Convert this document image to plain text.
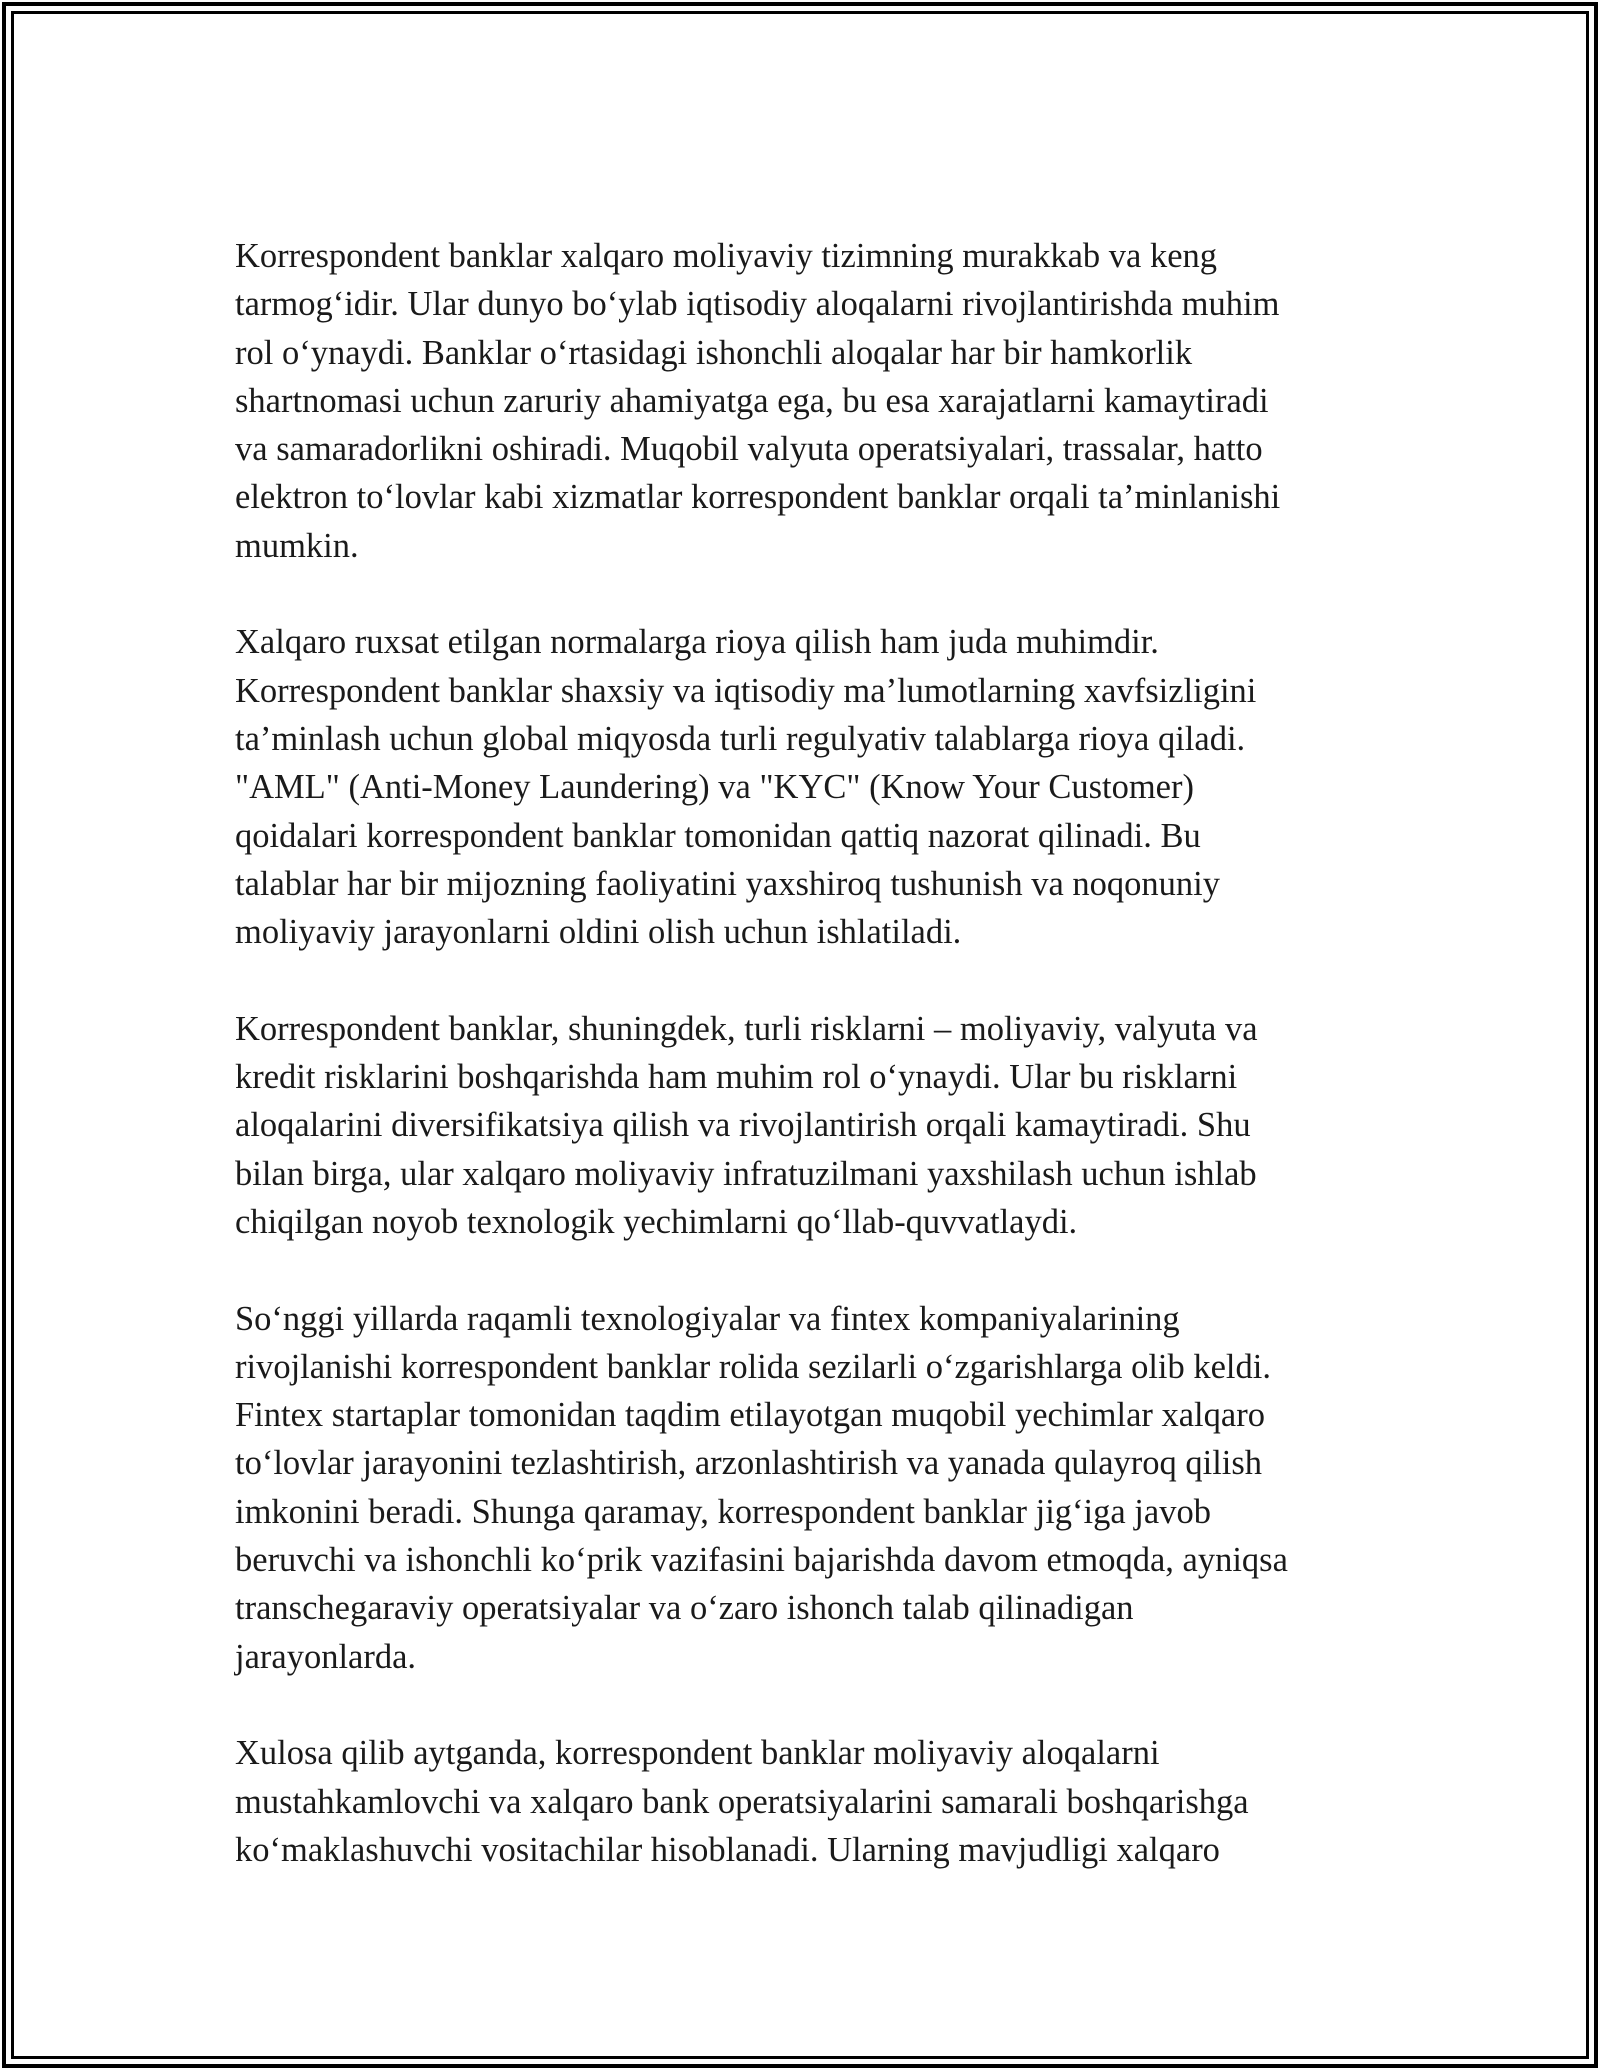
Korrespondent banklar xalqaro moliyaviy tizimning murakkab va keng
tarmog‘idir. Ular dunyo bo‘ylab iqtisodiy aloqalarni rivojlantirishda muhim
rol o‘ynaydi. Banklar o‘rtasidagi ishonchli aloqalar har bir hamkorlik
shartnomasi uchun zaruriy ahamiyatga ega, bu esa xarajatlarni kamaytiradi
va samaradorlikni oshiradi. Muqobil valyuta operatsiyalari, trassalar, hatto
elektron to‘lovlar kabi xizmatlar korrespondent banklar orqali ta’minlanishi
mumkin.

Xalqaro ruxsat etilgan normalarga rioya qilish ham juda muhimdir.
Korrespondent banklar shaxsiy va iqtisodiy ma’lumotlarning xavfsizligini
ta’minlash uchun global miqyosda turli regulyativ talablarga rioya qiladi.
"AML" (Anti-Money Laundering) va "KYC" (Know Your Customer)
qoidalari korrespondent banklar tomonidan qattiq nazorat qilinadi. Bu
talablar har bir mijozning faoliyatini yaxshiroq tushunish va noqonuniy
moliyaviy jarayonlarni oldini olish uchun ishlatiladi.

Korrespondent banklar, shuningdek, turli risklarni – moliyaviy, valyuta va
kredit risklarini boshqarishda ham muhim rol o‘ynaydi. Ular bu risklarni
aloqalarini diversifikatsiya qilish va rivojlantirish orqali kamaytiradi. Shu
bilan birga, ular xalqaro moliyaviy infratuzilmani yaxshilash uchun ishlab
chiqilgan noyob texnologik yechimlarni qo‘llab-quvvatlaydi.

So‘nggi yillarda raqamli texnologiyalar va fintex kompaniyalarining
rivojlanishi korrespondent banklar rolida sezilarli o‘zgarishlarga olib keldi.
Fintex startaplar tomonidan taqdim etilayotgan muqobil yechimlar xalqaro
to‘lovlar jarayonini tezlashtirish, arzonlashtirish va yanada qulayroq qilish
imkonini beradi. Shunga qaramay, korrespondent banklar jig‘iga javob
beruvchi va ishonchli ko‘prik vazifasini bajarishda davom etmoqda, ayniqsa
transchegaraviy operatsiyalar va o‘zaro ishonch talab qilinadigan
jarayonlarda.

Xulosa qilib aytganda, korrespondent banklar moliyaviy aloqalarni
mustahkamlovchi va xalqaro bank operatsiyalarini samarali boshqarishga
ko‘maklashuvchi vositachilar hisoblanadi. Ularning mavjudligi xalqaro
